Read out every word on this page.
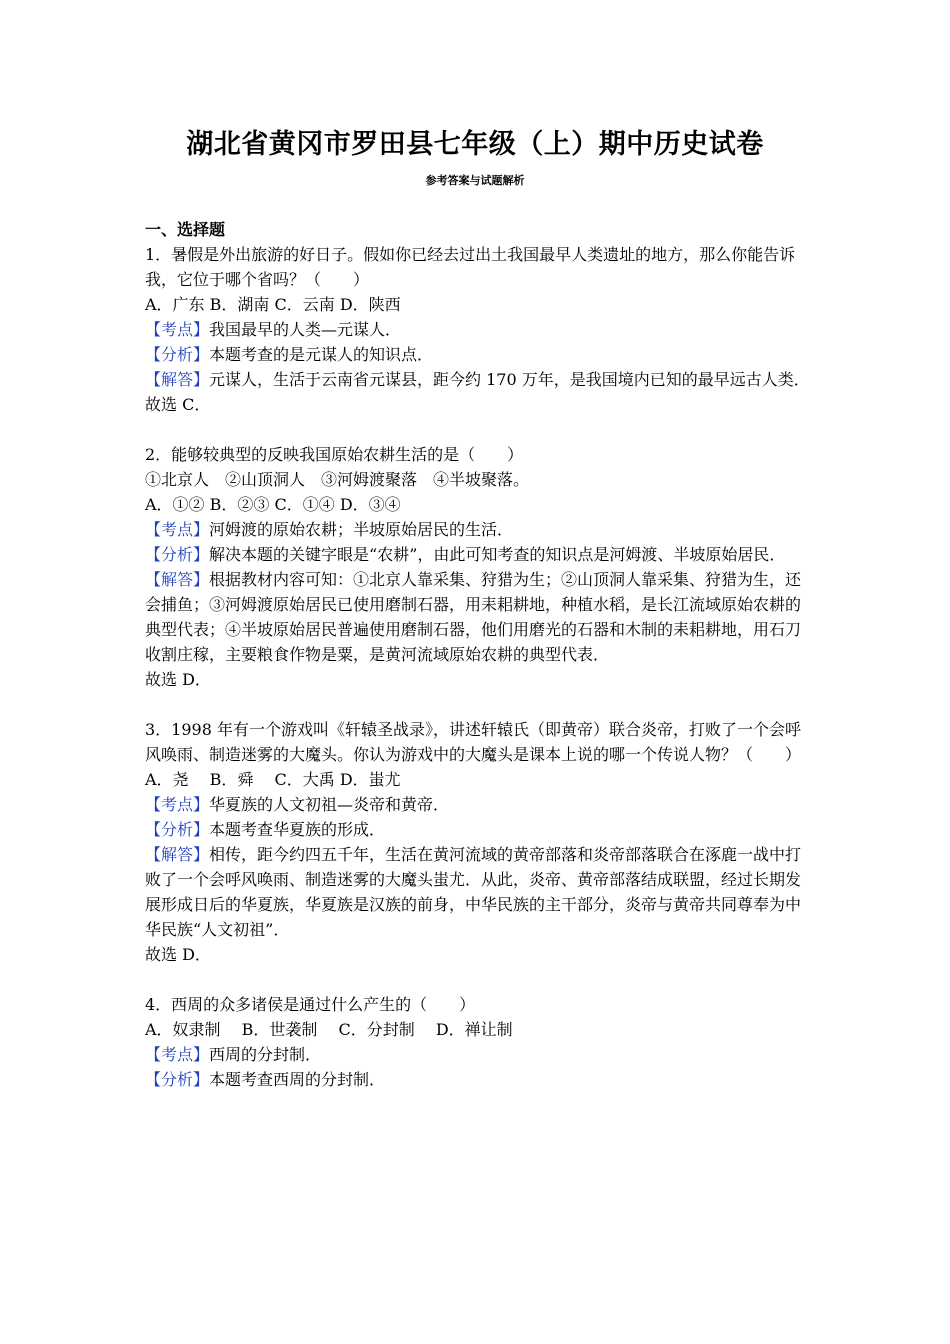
湖北省黄冈市罗田县七年级（上）期中历史试卷
参考答案与试题解析
一、选择题
1．暑假是外出旅游的好日子。假如你已经去过出土我国最早人类遗址的地方，那么你能告诉我，它位于哪个省吗？（　　）
A．广东 B．湖南 C．云南 D．陕西
【考点】我国最早的人类—元谋人．
【分析】本题考查的是元谋人的知识点．
【解答】元谋人，生活于云南省元谋县，距今约 170 万年，是我国境内已知的最早远古人类．
故选 C．
2．能够较典型的反映我国原始农耕生活的是（　　）
①北京人　②山顶洞人　③河姆渡聚落　④半坡聚落。
A．①② B．②③ C．①④ D．③④
【考点】河姆渡的原始农耕；半坡原始居民的生活．
【分析】解决本题的关键字眼是“农耕”，由此可知考查的知识点是河姆渡、半坡原始居民．
【解答】根据教材内容可知：①北京人靠采集、狩猎为生；②山顶洞人靠采集、狩猎为生，还会捕鱼；③河姆渡原始居民已使用磨制石器，用耒耜耕地，种植水稻，是长江流域原始农耕的典型代表；④半坡原始居民普遍使用磨制石器，他们用磨光的石器和木制的耒耜耕地，用石刀收割庄稼，主要粮食作物是粟，是黄河流域原始农耕的典型代表．
故选 D．
3．1998 年有一个游戏叫《轩辕圣战录》，讲述轩辕氏（即黄帝）联合炎帝，打败了一个会呼风唤雨、制造迷雾的大魔头。你认为游戏中的大魔头是课本上说的哪一个传说人物？（　　）
A．尧　 B．舜　 C．大禹 D．蚩尤
【考点】华夏族的人文初祖—炎帝和黄帝．
【分析】本题考查华夏族的形成．
【解答】相传，距今约四五千年，生活在黄河流域的黄帝部落和炎帝部落联合在涿鹿一战中打败了一个会呼风唤雨、制造迷雾的大魔头蚩尤．从此，炎帝、黄帝部落结成联盟，经过长期发展形成日后的华夏族，华夏族是汉族的前身，中华民族的主干部分，炎帝与黄帝共同尊奉为中华民族“人文初祖”．
故选 D．
4．西周的众多诸侯是通过什么产生的（　　）
A．奴隶制　 B．世袭制　 C．分封制　 D．禅让制
【考点】西周的分封制．
【分析】本题考查西周的分封制．
